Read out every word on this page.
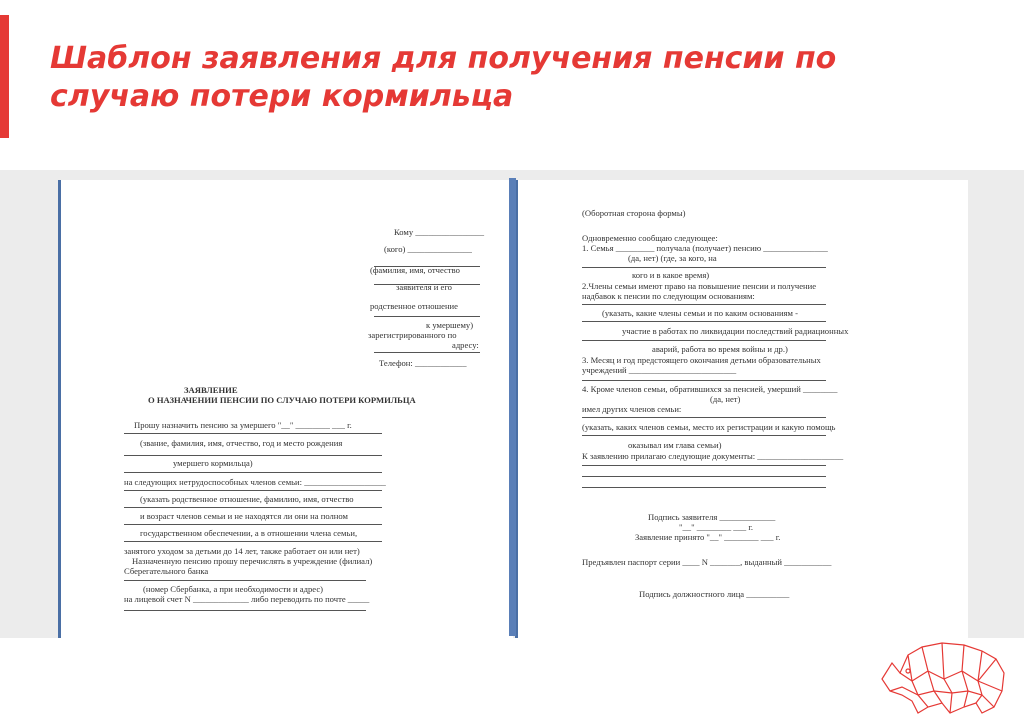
Шаблон заявления для получения пенсии по
случаю потери кормильца
Кому ________________
(кого) _______________
(фамилия, имя, отчество
заявителя и его
родственное отношение
к умершему)
зарегистрированного по
адресу:
Телефон: ____________
ЗАЯВЛЕНИЕ
О НАЗНАЧЕНИИ ПЕНСИИ ПО СЛУЧАЮ ПОТЕРИ КОРМИЛЬЦА
Прошу назначить пенсию за умершего "__" ________ ___ г.
(звание, фамилия, имя, отчество, год и место рождения
умершего кормильца)
на следующих нетрудоспособных членов семьи: ___________________
(указать родственное отношение, фамилию, имя, отчество
и возраст членов семьи и не находятся ли они на полном
государственном обеспечении, а в отношении члена семьи,
занятого уходом за детьми до 14 лет, также работает он или нет)
Назначенную пенсию прошу перечислять в учреждение (филиал)
Сберегательного банка
(номер Сбербанка, а при необходимости и адрес)
на лицевой счет N _____________ либо переводить по почте _____
(Оборотная сторона формы)
Одновременно сообщаю следующее:
1. Семья _________ получала (получает) пенсию _______________
(да, нет) (где, за кого, на
кого и в какое время)
2.Члены семьи имеют право на повышение пенсии и получение
надбавок к пенсии по следующим основаниям:
(указать, какие члены семьи и по каким основаниям -
участие в работах по ликвидации последствий радиационных
аварий, работа во время войны и др.)
3. Месяц и год предстоящего окончания детьми образовательных
учреждений _________________________
4. Кроме членов семьи, обратившихся за пенсией, умерший ________
(да, нет)
имел других членов семьи:
(указать, каких членов семьи, место их регистрации и какую помощь
оказывал им глава семьи)
К заявлению прилагаю следующие документы: ____________________
Подпись заявителя _____________
"__" ________ ___ г.
Заявление принято "__" ________ ___ г.
Предъявлен паспорт серии ____ N _______, выданный ___________
Подпись должностного лица __________
